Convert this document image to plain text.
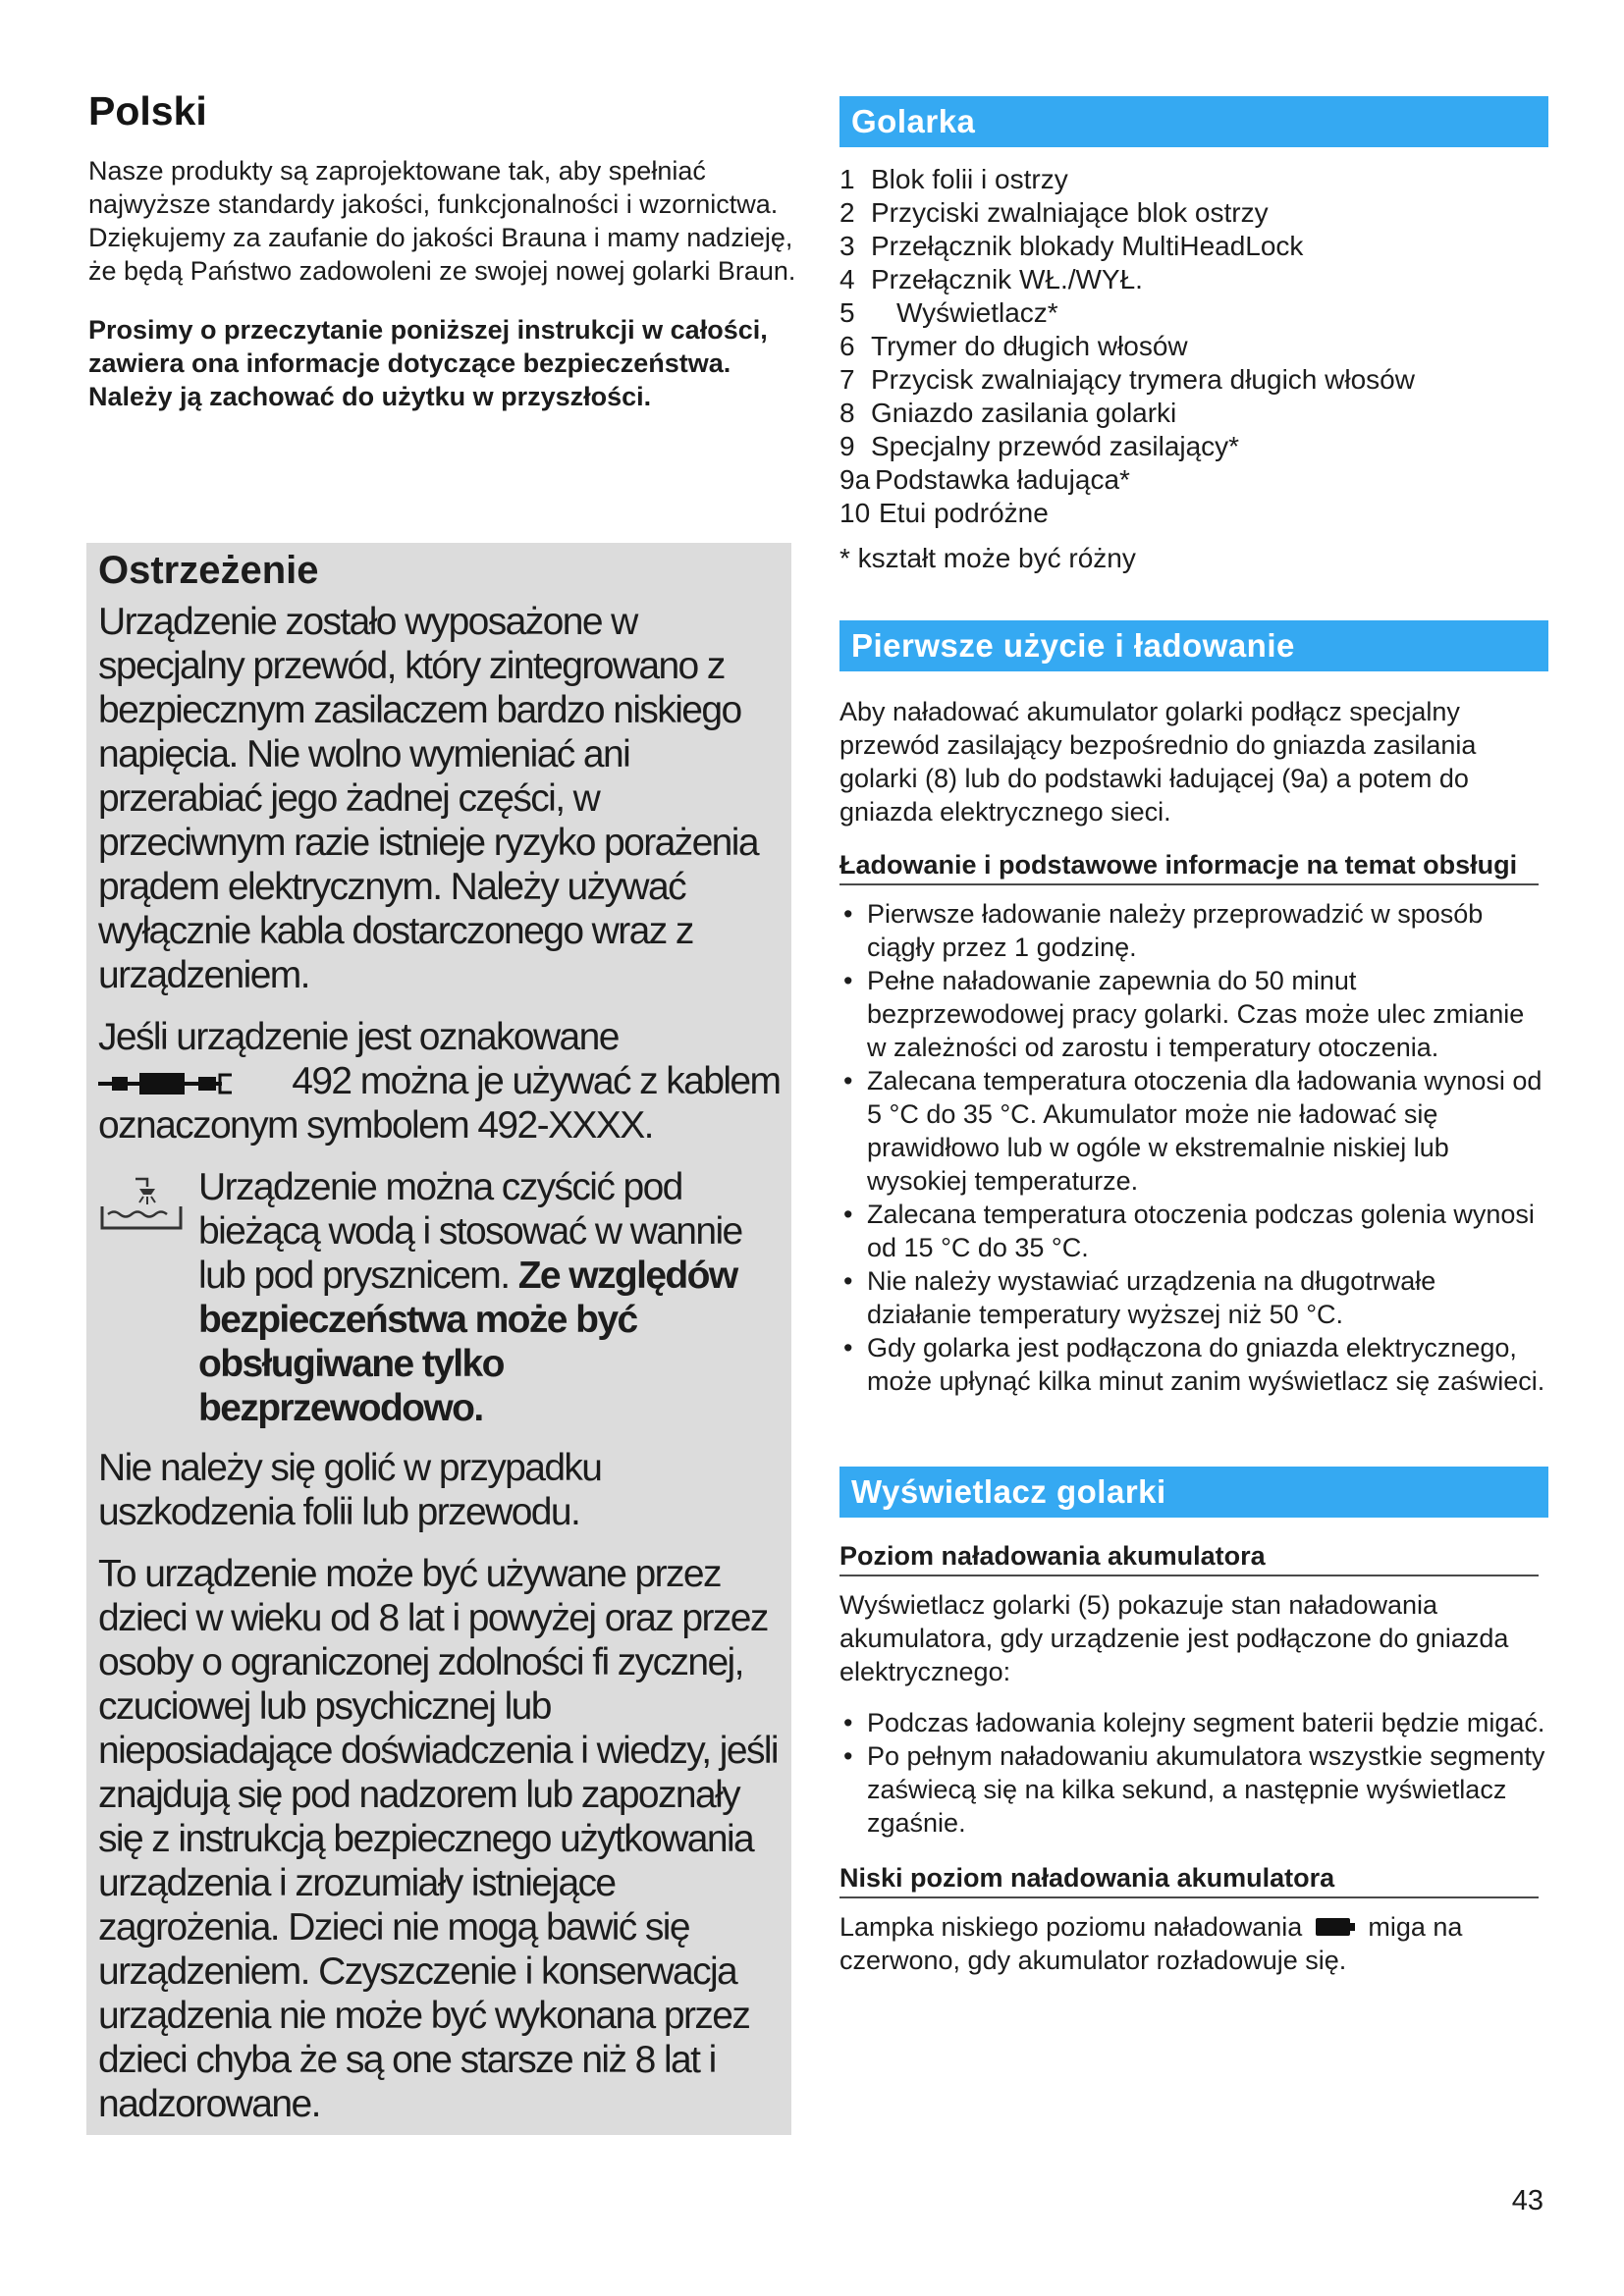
Polski

Nasze produkty są zaprojektowane tak, aby spełniać najwyższe standardy jakości, funkcjonalności i wzornictwa. Dziękujemy za zaufanie do jakości Brauna i mamy nadzieję, że będą Państwo zadowoleni ze swojej nowej golarki Braun.

Prosimy o przeczytanie poniższej instrukcji w całości, zawiera ona informacje dotyczące bezpieczeństwa. Należy ją zachować do użytku w przyszłości.

Ostrzeżenie

Urządzenie zostało wyposażone w specjalny przewód, który zintegrowano z bezpiecznym zasilaczem bardzo niskiego napięcia. Nie wolno wymieniać ani przerabiać jego żadnej części, w przeciwnym razie istnieje ryzyko porażenia prądem elektrycznym. Należy używać wyłącznie kabla dostarczonego wraz z urządzeniem.

Jeśli urządzenie jest oznakowane  492 można je używać z kablem oznaczonym symbolem 492-XXXX.

Urządzenie można czyścić pod bieżącą wodą i stosować w wannie lub pod prysznicem. Ze względów bezpieczeństwa może być obsługiwane tylko bezprzewodowo.

Nie należy się golić w przypadku uszkodzenia folii lub przewodu.

To urządzenie może być używane przez dzieci w wieku od 8 lat i powyżej oraz przez osoby o ograniczonej zdolności fi zycznej, czuciowej lub psychicznej lub nieposiadające doświadczenia i wiedzy, jeśli znajdują się pod nadzorem lub zapoznały się z instrukcją bezpiecznego użytkowania urządzenia i zrozumiały istniejące zagrożenia. Dzieci nie mogą bawić się urządzeniem. Czyszczenie i konserwacja urządzenia nie może być wykonana przez dzieci chyba że są one starsze niż 8 lat i nadzorowane.

Golarka
1 Blok folii i ostrzy
2 Przyciski zwalniające blok ostrzy
3 Przełącznik blokady MultiHeadLock
4 Przełącznik WŁ./WYŁ.
5	Wyświetlacz*
6 Trymer do długich włosów
7 Przycisk zwalniający trymera długich włosów
8 Gniazdo zasilania golarki
9 Specjalny przewód zasilający*
9a Podstawka ładująca*
10 Etui podróżne

* kształt może być różny

Pierwsze użycie i ładowanie

Aby naładować akumulator golarki podłącz specjalny przewód zasilający bezpośrednio do gniazda zasilania golarki (8) lub do podstawki ładującej (9a) a potem do gniazda elektrycznego sieci.

Ładowanie i podstawowe informacje na temat obsługi

• Pierwsze ładowanie należy przeprowadzić w sposób ciągły przez 1 godzinę.
• Pełne naładowanie zapewnia do 50 minut bezprzewodowej pracy golarki. Czas może ulec zmianie w zależności od zarostu i temperatury otoczenia.
• Zalecana temperatura otoczenia dla ładowania wynosi od 5 °C do 35 °C. Akumulator może nie ładować się prawidłowo lub w ogóle w ekstremalnie niskiej lub wysokiej temperaturze.
• Zalecana temperatura otoczenia podczas golenia wynosi od 15 °C do 35 °C.
• Nie należy wystawiać urządzenia na długotrwałe działanie temperatury wyższej niż 50 °C.
• Gdy golarka jest podłączona do gniazda elektrycznego, może upłynąć kilka minut zanim wyświetlacz się zaświeci.
Wyświetlacz golarki

Poziom naładowania akumulatora

Wyświetlacz golarki (5) pokazuje stan naładowania akumulatora, gdy urządzenie jest podłączone do gniazda elektrycznego:

• Podczas ładowania kolejny segment baterii będzie migać.
• Po pełnym naładowaniu akumulatora wszystkie segmenty zaświecą się na kilka sekund, a następnie wyświetlacz zgaśnie.

Niski poziom naładowania akumulatora

Lampka niskiego poziomu naładowania miga na czerwono, gdy akumulator rozładowuje się.

43
